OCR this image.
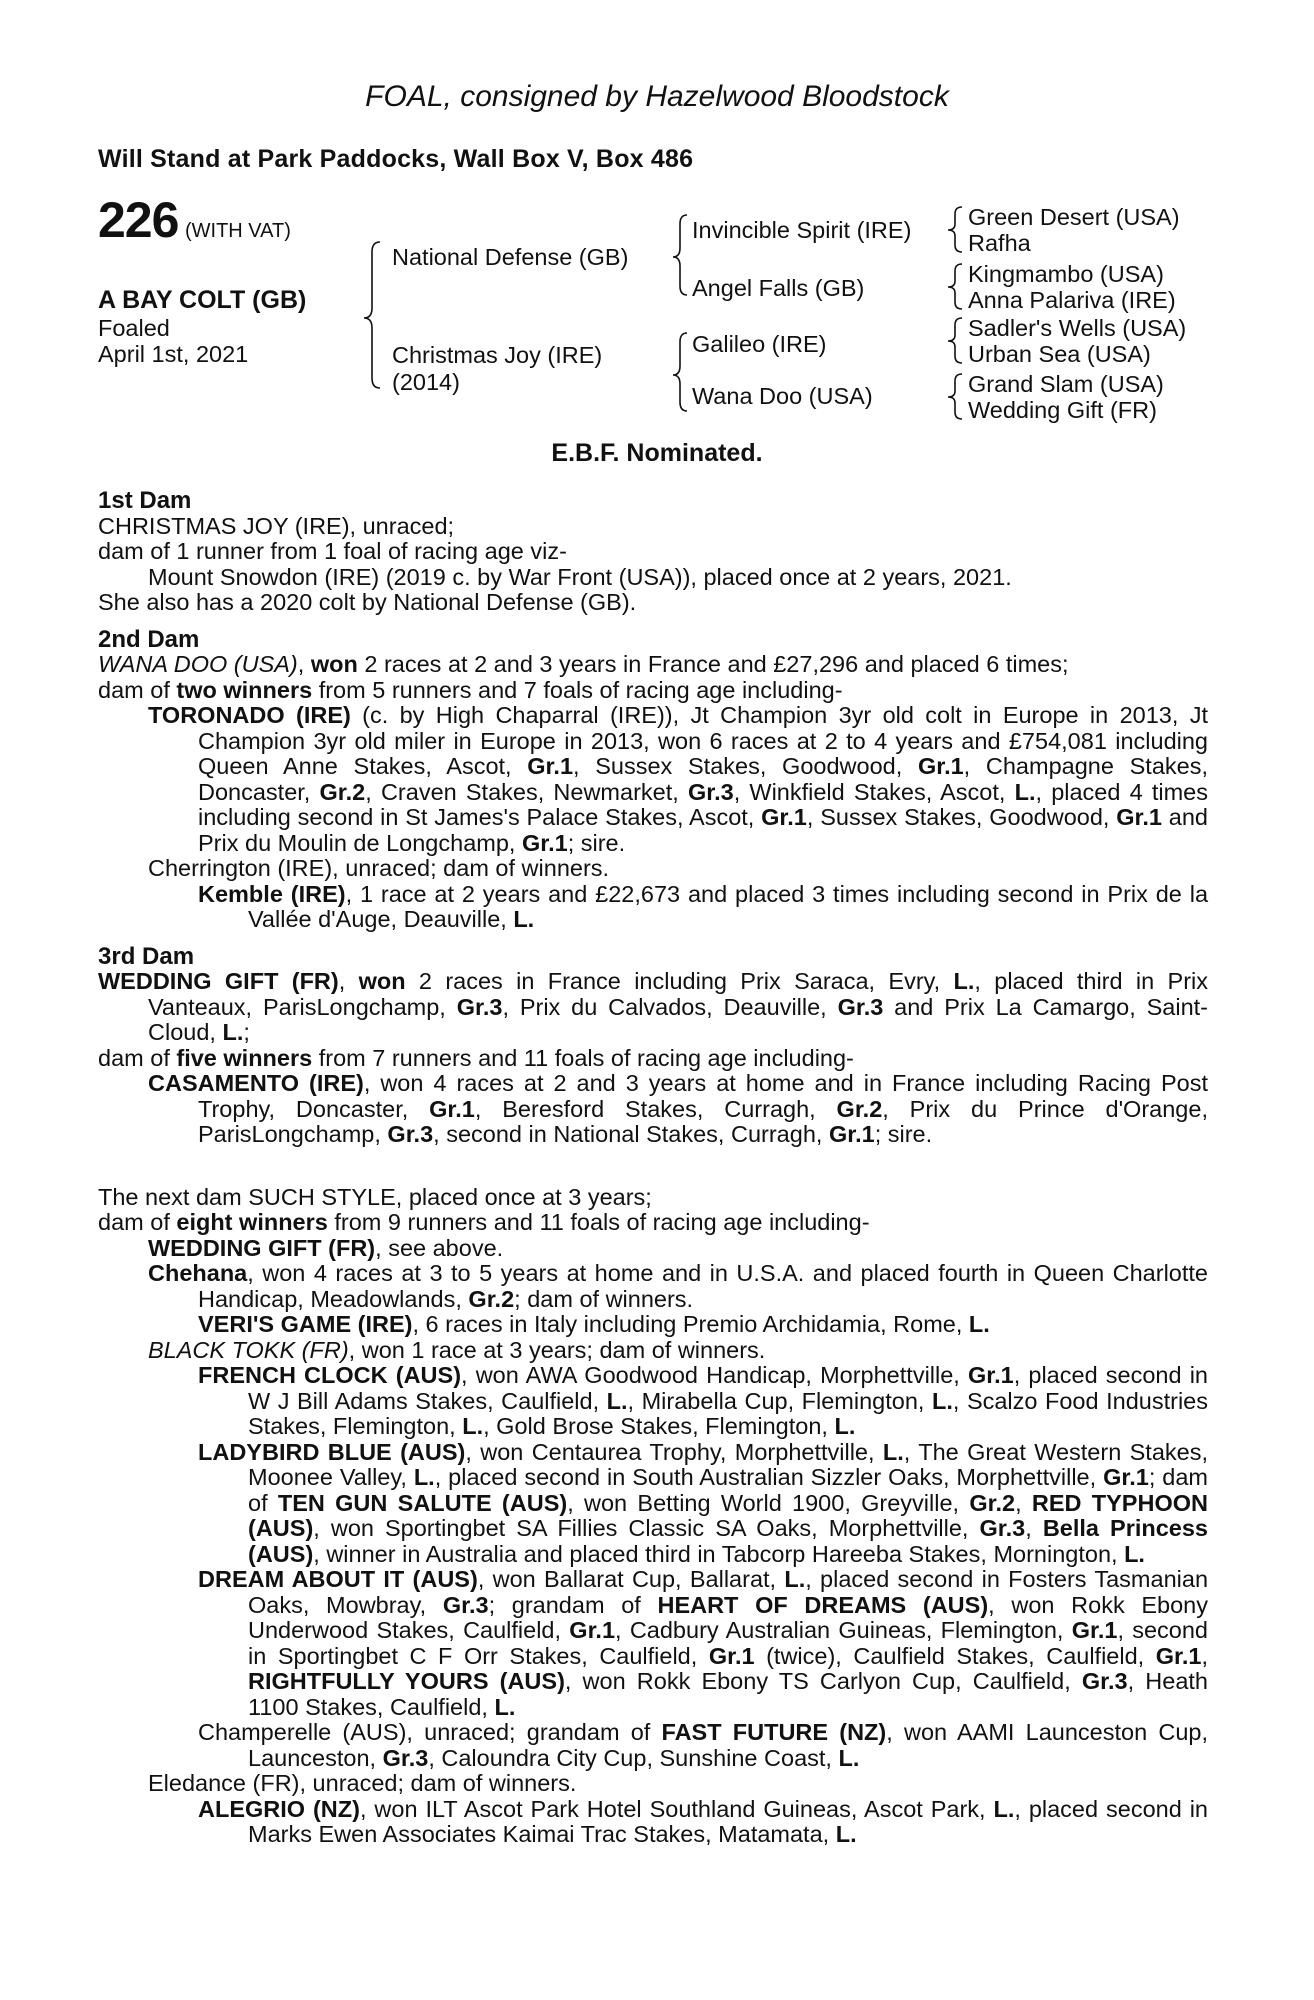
FOAL, consigned by Hazelwood Bloodstock
Will Stand at Park Paddocks, Wall Box V, Box 486
226 (WITH VAT)
A BAY COLT (GB)
Foaled
April 1st, 2021
National Defense (GB)
Christmas Joy (IRE)
(2014)
Invincible Spirit (IRE)
Angel Falls (GB)
Galileo (IRE)
Wana Doo (USA)
Green Desert (USA)
Rafha
Kingmambo (USA)
Anna Palariva (IRE)
Sadler's Wells (USA)
Urban Sea (USA)
Grand Slam (USA)
Wedding Gift (FR)
E.B.F. Nominated.
1st Dam
CHRISTMAS JOY (IRE), unraced;
dam of 1 runner from 1 foal of racing age viz-
Mount Snowdon (IRE) (2019 c. by War Front (USA)), placed once at 2 years, 2021.
She also has a 2020 colt by National Defense (GB).
2nd Dam
WANA DOO (USA), won 2 races at 2 and 3 years in France and £27,296 and placed 6 times;
dam of two winners from 5 runners and 7 foals of racing age including-
TORONADO (IRE) (c. by High Chaparral (IRE)), Jt Champion 3yr old colt in Europe in 2013, Jt Champion 3yr old miler in Europe in 2013, won 6 races at 2 to 4 years and £754,081 including Queen Anne Stakes, Ascot, Gr.1, Sussex Stakes, Goodwood, Gr.1, Champagne Stakes, Doncaster, Gr.2, Craven Stakes, Newmarket, Gr.3, Winkfield Stakes, Ascot, L., placed 4 times including second in St James's Palace Stakes, Ascot, Gr.1, Sussex Stakes, Goodwood, Gr.1 and Prix du Moulin de Longchamp, Gr.1; sire.
Cherrington (IRE), unraced; dam of winners.
Kemble (IRE), 1 race at 2 years and £22,673 and placed 3 times including second in Prix de la Vallée d'Auge, Deauville, L.
3rd Dam
WEDDING GIFT (FR), won 2 races in France including Prix Saraca, Evry, L., placed third in Prix Vanteaux, ParisLongchamp, Gr.3, Prix du Calvados, Deauville, Gr.3 and Prix La Camargo, Saint-Cloud, L.;
dam of five winners from 7 runners and 11 foals of racing age including-
CASAMENTO (IRE), won 4 races at 2 and 3 years at home and in France including Racing Post Trophy, Doncaster, Gr.1, Beresford Stakes, Curragh, Gr.2, Prix du Prince d'Orange, ParisLongchamp, Gr.3, second in National Stakes, Curragh, Gr.1; sire.
The next dam SUCH STYLE, placed once at 3 years;
dam of eight winners from 9 runners and 11 foals of racing age including-
WEDDING GIFT (FR), see above.
Chehana, won 4 races at 3 to 5 years at home and in U.S.A. and placed fourth in Queen Charlotte Handicap, Meadowlands, Gr.2; dam of winners.
VERI'S GAME (IRE), 6 races in Italy including Premio Archidamia, Rome, L.
BLACK TOKK (FR), won 1 race at 3 years; dam of winners.
FRENCH CLOCK (AUS), won AWA Goodwood Handicap, Morphettville, Gr.1, placed second in W J Bill Adams Stakes, Caulfield, L., Mirabella Cup, Flemington, L., Scalzo Food Industries Stakes, Flemington, L., Gold Brose Stakes, Flemington, L.
LADYBIRD BLUE (AUS), won Centaurea Trophy, Morphettville, L., The Great Western Stakes, Moonee Valley, L., placed second in South Australian Sizzler Oaks, Morphettville, Gr.1; dam of TEN GUN SALUTE (AUS), won Betting World 1900, Greyville, Gr.2, RED TYPHOON (AUS), won Sportingbet SA Fillies Classic SA Oaks, Morphettville, Gr.3, Bella Princess (AUS), winner in Australia and placed third in Tabcorp Hareeba Stakes, Mornington, L.
DREAM ABOUT IT (AUS), won Ballarat Cup, Ballarat, L., placed second in Fosters Tasmanian Oaks, Mowbray, Gr.3; grandam of HEART OF DREAMS (AUS), won Rokk Ebony Underwood Stakes, Caulfield, Gr.1, Cadbury Australian Guineas, Flemington, Gr.1, second in Sportingbet C F Orr Stakes, Caulfield, Gr.1 (twice), Caulfield Stakes, Caulfield, Gr.1, RIGHTFULLY YOURS (AUS), won Rokk Ebony TS Carlyon Cup, Caulfield, Gr.3, Heath 1100 Stakes, Caulfield, L.
Champerelle (AUS), unraced; grandam of FAST FUTURE (NZ), won AAMI Launceston Cup, Launceston, Gr.3, Caloundra City Cup, Sunshine Coast, L.
Eledance (FR), unraced; dam of winners.
ALEGRIO (NZ), won ILT Ascot Park Hotel Southland Guineas, Ascot Park, L., placed second in Marks Ewen Associates Kaimai Trac Stakes, Matamata, L.
